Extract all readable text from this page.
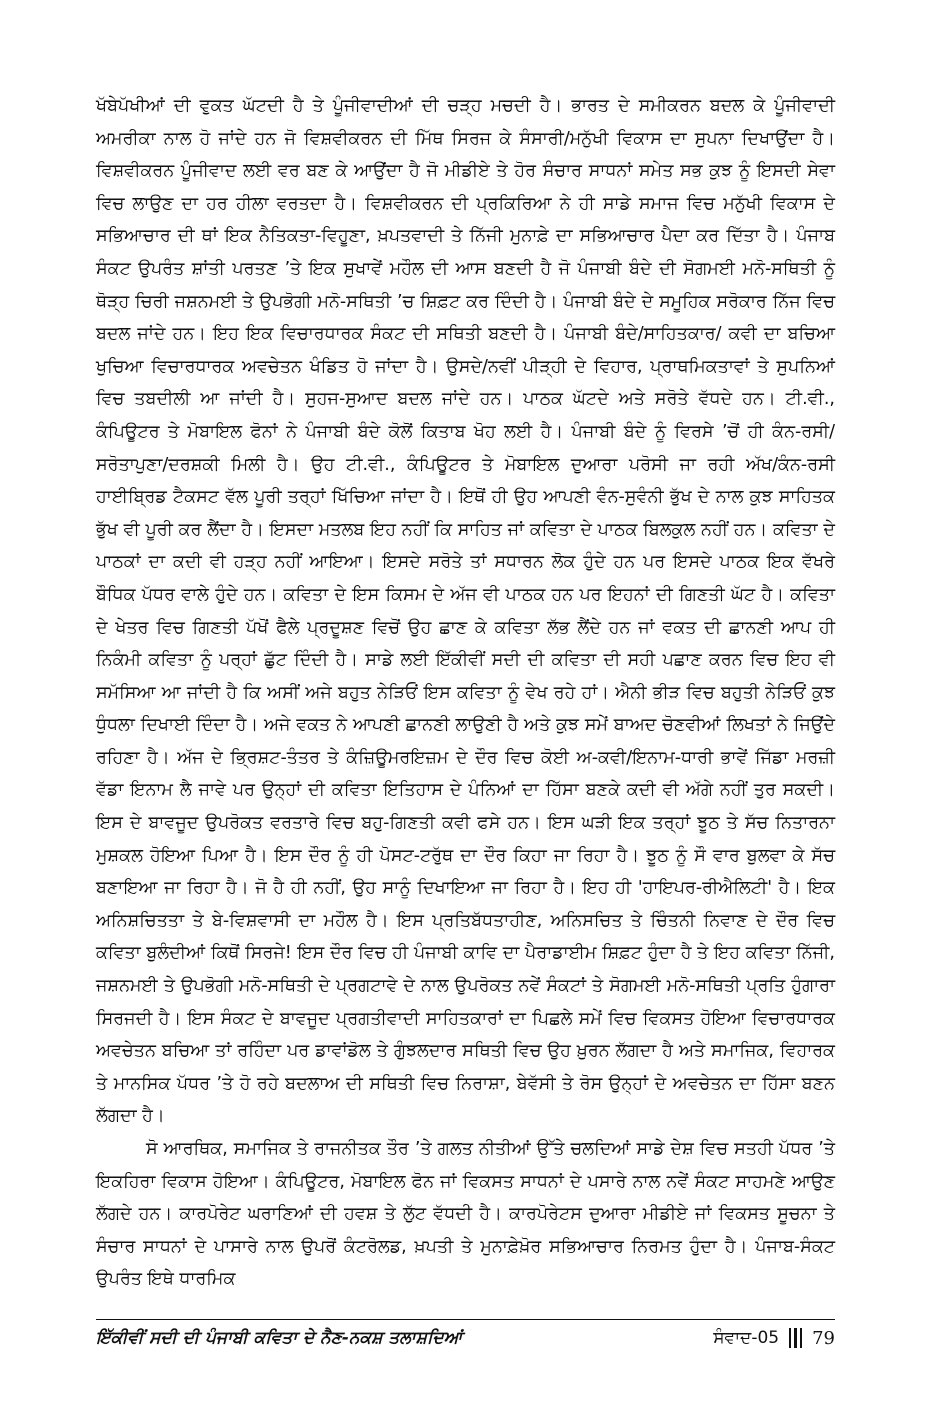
ਖੱਬੇਪੱਖੀਆਂ ਦੀ ਵੁਕਤ ਘੱਟਦੀ ਹੈ ਤੇ ਪੂੰਜੀਵਾਦੀਆਂ ਦੀ ਚੜ੍ਹ ਮਚਦੀ ਹੈ। ਭਾਰਤ ਦੇ ਸਮੀਕਰਨ ਬਦਲ ਕੇ ਪੂੰਜੀਵਾਦੀ ਅਮਰੀਕਾ ਨਾਲ ਹੋ ਜਾਂਦੇ ਹਨ ਜੋ ਵਿਸ਼ਵੀਕਰਨ ਦੀ ਮਿੱਥ ਸਿਰਜ ਕੇ ਸੰਸਾਰੀ/ਮਨੁੱਖੀ ਵਿਕਾਸ ਦਾ ਸੁਪਨਾ ਦਿਖਾਉਂਦਾ ਹੈ। ਵਿਸ਼ਵੀਕਰਨ ਪੂੰਜੀਵਾਦ ਲਈ ਵਰ ਬਣ ਕੇ ਆਉਂਦਾ ਹੈ ਜੋ ਮੀਡੀਏ ਤੇ ਹੋਰ ਸੰਚਾਰ ਸਾਧਨਾਂ ਸਮੇਤ ਸਭ ਕੁਝ ਨੂੰ ਇਸਦੀ ਸੇਵਾ ਵਿਚ ਲਾਉਣ ਦਾ ਹਰ ਹੀਲਾ ਵਰਤਦਾ ਹੈ। ਵਿਸ਼ਵੀਕਰਨ ਦੀ ਪ੍ਰਕਿਰਿਆ ਨੇ ਹੀ ਸਾਡੇ ਸਮਾਜ ਵਿਚ ਮਨੁੱਖੀ ਵਿਕਾਸ ਦੇ ਸਭਿਆਚਾਰ ਦੀ ਥਾਂ ਇਕ ਨੈਤਿਕਤਾ-ਵਿਹੂਣਾ, ਖ਼ਪਤਵਾਦੀ ਤੇ ਨਿੱਜੀ ਮੁਨਾਫ਼ੇ ਦਾ ਸਭਿਆਚਾਰ ਪੈਦਾ ਕਰ ਦਿੱਤਾ ਹੈ। ਪੰਜਾਬ ਸੰਕਟ ਉਪਰੰਤ ਸ਼ਾਂਤੀ ਪਰਤਣ ’ਤੇ ਇਕ ਸੁਖਾਵੇਂ ਮਹੌਲ ਦੀ ਆਸ ਬਣਦੀ ਹੈ ਜੋ ਪੰਜਾਬੀ ਬੰਦੇ ਦੀ ਸੋਗਮਈ ਮਨੋ-ਸਥਿਤੀ ਨੂੰ ਥੋੜ੍ਹ ਚਿਰੀ ਜਸ਼ਨਮਈ ਤੇ ਉਪਭੋਗੀ ਮਨੋ-ਸਥਿਤੀ ’ਚ ਸ਼ਿਫ਼ਟ ਕਰ ਦਿੰਦੀ ਹੈ। ਪੰਜਾਬੀ ਬੰਦੇ ਦੇ ਸਮੂਹਿਕ ਸਰੋਕਾਰ ਨਿੱਜ ਵਿਚ ਬਦਲ ਜਾਂਦੇ ਹਨ। ਇਹ ਇਕ ਵਿਚਾਰਧਾਰਕ ਸੰਕਟ ਦੀ ਸਥਿਤੀ ਬਣਦੀ ਹੈ। ਪੰਜਾਬੀ ਬੰਦੇ/ਸਾਹਿਤਕਾਰ/ ਕਵੀ ਦਾ ਬਚਿਆ ਖੁਚਿਆ ਵਿਚਾਰਧਾਰਕ ਅਵਚੇਤਨ ਖੰਡਿਤ ਹੋ ਜਾਂਦਾ ਹੈ। ਉਸਦੇ/ਨਵੀਂ ਪੀੜ੍ਹੀ ਦੇ ਵਿਹਾਰ, ਪ੍ਰਾਥਮਿਕਤਾਵਾਂ ਤੇ ਸੁਪਨਿਆਂ ਵਿਚ ਤਬਦੀਲੀ ਆ ਜਾਂਦੀ ਹੈ। ਸੁਹਜ-ਸੁਆਦ ਬਦਲ ਜਾਂਦੇ ਹਨ। ਪਾਠਕ ਘੱਟਦੇ ਅਤੇ ਸਰੋਤੇ ਵੱਧਦੇ ਹਨ। ਟੀ.ਵੀ., ਕੰਪਿਊਟਰ ਤੇ ਮੋਬਾਇਲ ਫੋਨਾਂ ਨੇ ਪੰਜਾਬੀ ਬੰਦੇ ਕੋਲੋਂ ਕਿਤਾਬ ਖੋਹ ਲਈ ਹੈ। ਪੰਜਾਬੀ ਬੰਦੇ ਨੂੰ ਵਿਰਸੇ ’ਚੋਂ ਹੀ ਕੰਨ-ਰਸੀ/ਸਰੋਤਾਪੁਣਾ/ਦਰਸ਼ਕੀ ਮਿਲੀ ਹੈ। ਉਹ ਟੀ.ਵੀ., ਕੰਪਿਊਟਰ ਤੇ ਮੋਬਾਇਲ ਦੁਆਰਾ ਪਰੋਸੀ ਜਾ ਰਹੀ ਅੱਖ/ਕੰਨ-ਰਸੀ ਹਾਈਬ੍ਰਿਡ ਟੈਕਸਟ ਵੱਲ ਪੂਰੀ ਤਰ੍ਹਾਂ ਖਿੱਚਿਆ ਜਾਂਦਾ ਹੈ। ਇਥੋਂ ਹੀ ਉਹ ਆਪਣੀ ਵੰਨ-ਸੁਵੰਨੀ ਭੁੱਖ ਦੇ ਨਾਲ ਕੁਝ ਸਾਹਿਤਕ ਭੁੱਖ ਵੀ ਪੂਰੀ ਕਰ ਲੈਂਦਾ ਹੈ। ਇਸਦਾ ਮਤਲਬ ਇਹ ਨਹੀਂ ਕਿ ਸਾਹਿਤ ਜਾਂ ਕਵਿਤਾ ਦੇ ਪਾਠਕ ਬਿਲਕੁਲ ਨਹੀਂ ਹਨ। ਕਵਿਤਾ ਦੇ ਪਾਠਕਾਂ ਦਾ ਕਦੀ ਵੀ ਹੜ੍ਹ ਨਹੀਂ ਆਇਆ। ਇਸਦੇ ਸਰੋਤੇ ਤਾਂ ਸਧਾਰਨ ਲੋਕ ਹੁੰਦੇ ਹਨ ਪਰ ਇਸਦੇ ਪਾਠਕ ਇਕ ਵੱਖਰੇ ਬੌਧਿਕ ਪੱਧਰ ਵਾਲੇ ਹੁੰਦੇ ਹਨ। ਕਵਿਤਾ ਦੇ ਇਸ ਕਿਸਮ ਦੇ ਅੱਜ ਵੀ ਪਾਠਕ ਹਨ ਪਰ ਇਹਨਾਂ ਦੀ ਗਿਣਤੀ ਘੱਟ ਹੈ। ਕਵਿਤਾ ਦੇ ਖੇਤਰ ਵਿਚ ਗਿਣਤੀ ਪੱਖੋਂ ਫੈਲੇ ਪ੍ਰਦੂਸ਼ਣ ਵਿਚੋਂ ਉਹ ਛਾਣ ਕੇ ਕਵਿਤਾ ਲੱਭ ਲੈਂਦੇ ਹਨ ਜਾਂ ਵਕਤ ਦੀ ਛਾਨਣੀ ਆਪ ਹੀ ਨਿਕੰਮੀ ਕਵਿਤਾ ਨੂੰ ਪਰ੍ਹਾਂ ਛੁੱਟ ਦਿੰਦੀ ਹੈ। ਸਾਡੇ ਲਈ ਇੱਕੀਵੀਂ ਸਦੀ ਦੀ ਕਵਿਤਾ ਦੀ ਸਹੀ ਪਛਾਣ ਕਰਨ ਵਿਚ ਇਹ ਵੀ ਸਮੱਸਿਆ ਆ ਜਾਂਦੀ ਹੈ ਕਿ ਅਸੀਂ ਅਜੇ ਬਹੁਤ ਨੇੜਿਓਂ ਇਸ ਕਵਿਤਾ ਨੂੰ ਵੇਖ ਰਹੇ ਹਾਂ। ਐਨੀ ਭੀੜ ਵਿਚ ਬਹੁਤੀ ਨੇੜਿਓਂ ਕੁਝ ਧੁੰਧਲਾ ਦਿਖਾਈ ਦਿੰਦਾ ਹੈ। ਅਜੇ ਵਕਤ ਨੇ ਆਪਣੀ ਛਾਨਣੀ ਲਾਉਣੀ ਹੈ ਅਤੇ ਕੁਝ ਸਮੇਂ ਬਾਅਦ ਚੋਣਵੀਆਂ ਲਿਖਤਾਂ ਨੇ ਜਿਉਂਦੇ ਰਹਿਣਾ ਹੈ। ਅੱਜ ਦੇ ਭ੍ਰਿਸ਼ਟ-ਤੰਤਰ ਤੇ ਕੰਜ਼ਿਊਮਰਇਜ਼ਮ ਦੇ ਦੌਰ ਵਿਚ ਕੋਈ ਅ-ਕਵੀ/ਇਨਾਮ-ਧਾਰੀ ਭਾਵੇਂ ਜਿੱਡਾ ਮਰਜ਼ੀ ਵੱਡਾ ਇਨਾਮ ਲੈ ਜਾਵੇ ਪਰ ਉਨ੍ਹਾਂ ਦੀ ਕਵਿਤਾ ਇਤਿਹਾਸ ਦੇ ਪੰਨਿਆਂ ਦਾ ਹਿੱਸਾ ਬਣਕੇ ਕਦੀ ਵੀ ਅੱਗੇ ਨਹੀਂ ਤੁਰ ਸਕਦੀ। ਇਸ ਦੇ ਬਾਵਜੂਦ ਉਪਰੋਕਤ ਵਰਤਾਰੇ ਵਿਚ ਬਹੁ-ਗਿਣਤੀ ਕਵੀ ਫਸੇ ਹਨ। ਇਸ ਘੜੀ ਇਕ ਤਰ੍ਹਾਂ ਝੂਠ ਤੇ ਸੱਚ ਨਿਤਾਰਨਾ ਮੁਸ਼ਕਲ ਹੋਇਆ ਪਿਆ ਹੈ। ਇਸ ਦੌਰ ਨੂੰ ਹੀ ਪੋਸਟ-ਟਰੁੱਥ ਦਾ ਦੌਰ ਕਿਹਾ ਜਾ ਰਿਹਾ ਹੈ। ਝੂਠ ਨੂੰ ਸੌ ਵਾਰ ਬੁਲਵਾ ਕੇ ਸੱਚ ਬਣਾਇਆ ਜਾ ਰਿਹਾ ਹੈ। ਜੋ ਹੈ ਹੀ ਨਹੀਂ, ਉਹ ਸਾਨੂੰ ਦਿਖਾਇਆ ਜਾ ਰਿਹਾ ਹੈ। ਇਹ ਹੀ 'ਹਾਇਪਰ-ਰੀਐਲਿਟੀ' ਹੈ। ਇਕ ਅਨਿਸ਼ਚਿਤਤਾ ਤੇ ਬੇ-ਵਿਸ਼ਵਾਸੀ ਦਾ ਮਹੌਲ ਹੈ। ਇਸ ਪ੍ਰਤਿਬੱਧਤਾਹੀਣ, ਅਨਿਸਚਿਤ ਤੇ ਚਿੰਤਨੀ ਨਿਵਾਣ ਦੇ ਦੌਰ ਵਿਚ ਕਵਿਤਾ ਬੁਲੰਦੀਆਂ ਕਿਥੋਂ ਸਿਰਜੇ! ਇਸ ਦੌਰ ਵਿਚ ਹੀ ਪੰਜਾਬੀ ਕਾਵਿ ਦਾ ਪੈਰਾਡਾਈਮ ਸ਼ਿਫ਼ਟ ਹੁੰਦਾ ਹੈ ਤੇ ਇਹ ਕਵਿਤਾ ਨਿੱਜੀ, ਜਸ਼ਨਮਈ ਤੇ ਉਪਭੋਗੀ ਮਨੋ-ਸਥਿਤੀ ਦੇ ਪ੍ਰਗਟਾਵੇ ਦੇ ਨਾਲ ਉਪਰੋਕਤ ਨਵੇਂ ਸੰਕਟਾਂ ਤੇ ਸੋਗਮਈ ਮਨੋ-ਸਥਿਤੀ ਪ੍ਰਤਿ ਹੁੰਗਾਰਾ ਸਿਰਜਦੀ ਹੈ। ਇਸ ਸੰਕਟ ਦੇ ਬਾਵਜੂਦ ਪ੍ਰਗਤੀਵਾਦੀ ਸਾਹਿਤਕਾਰਾਂ ਦਾ ਪਿਛਲੇ ਸਮੇਂ ਵਿਚ ਵਿਕਸਤ ਹੋਇਆ ਵਿਚਾਰਧਾਰਕ ਅਵਚੇਤਨ ਬਚਿਆ ਤਾਂ ਰਹਿੰਦਾ ਪਰ ਡਾਵਾਂਡੋਲ ਤੇ ਗੁੰਝਲਦਾਰ ਸਥਿਤੀ ਵਿਚ ਉਹ ਖ਼ੁਰਨ ਲੱਗਦਾ ਹੈ ਅਤੇ ਸਮਾਜਿਕ, ਵਿਹਾਰਕ ਤੇ ਮਾਨਸਿਕ ਪੱਧਰ ’ਤੇ ਹੋ ਰਹੇ ਬਦਲਾਅ ਦੀ ਸਥਿਤੀ ਵਿਚ ਨਿਰਾਸ਼ਾ, ਬੇਵੱਸੀ ਤੇ ਰੋਸ ਉਨ੍ਹਾਂ ਦੇ ਅਵਚੇਤਨ ਦਾ ਹਿੱਸਾ ਬਣਨ ਲੱਗਦਾ ਹੈ।

ਸੋ ਆਰਥਿਕ, ਸਮਾਜਿਕ ਤੇ ਰਾਜਨੀਤਕ ਤੌਰ ’ਤੇ ਗਲਤ ਨੀਤੀਆਂ ਉੱਤੇ ਚਲਦਿਆਂ ਸਾਡੇ ਦੇਸ਼ ਵਿਚ ਸਤਹੀ ਪੱਧਰ ’ਤੇ ਇਕਹਿਰਾ ਵਿਕਾਸ ਹੋਇਆ। ਕੰਪਿਊਟਰ, ਮੋਬਾਇਲ ਫੋਨ ਜਾਂ ਵਿਕਸਤ ਸਾਧਨਾਂ ਦੇ ਪਸਾਰੇ ਨਾਲ ਨਵੇਂ ਸੰਕਟ ਸਾਹਮਣੇ ਆਉਣ ਲੱਗਦੇ ਹਨ। ਕਾਰਪੋਰੇਟ ਘਰਾਣਿਆਂ ਦੀ ਹਵਸ਼ ਤੇ ਲੁੱਟ ਵੱਧਦੀ ਹੈ। ਕਾਰਪੋਰੇਟਸ ਦੁਆਰਾ ਮੀਡੀਏ ਜਾਂ ਵਿਕਸਤ ਸੂਚਨਾ ਤੇ ਸੰਚਾਰ ਸਾਧਨਾਂ ਦੇ ਪਾਸਾਰੇ ਨਾਲ ਉਪਰੋਂ ਕੰਟਰੋਲਡ, ਖ਼ਪਤੀ ਤੇ ਮੁਨਾਫ਼ੇਖ਼ੋਰ ਸਭਿਆਚਾਰ ਨਿਰਮਤ ਹੁੰਦਾ ਹੈ। ਪੰਜਾਬ-ਸੰਕਟ ਉਪਰੰਤ ਇਥੇ ਧਾਰਮਿਕ

ਇੱਕੀਵੀਂ ਸਦੀ ਦੀ ਪੰਜਾਬੀ ਕਵਿਤਾ ਦੇ ਨੈਣ-ਨਕਸ਼ ਤਲਾਸ਼ਦਿਆਂ	ਸੰਵਾਦ-05 79
